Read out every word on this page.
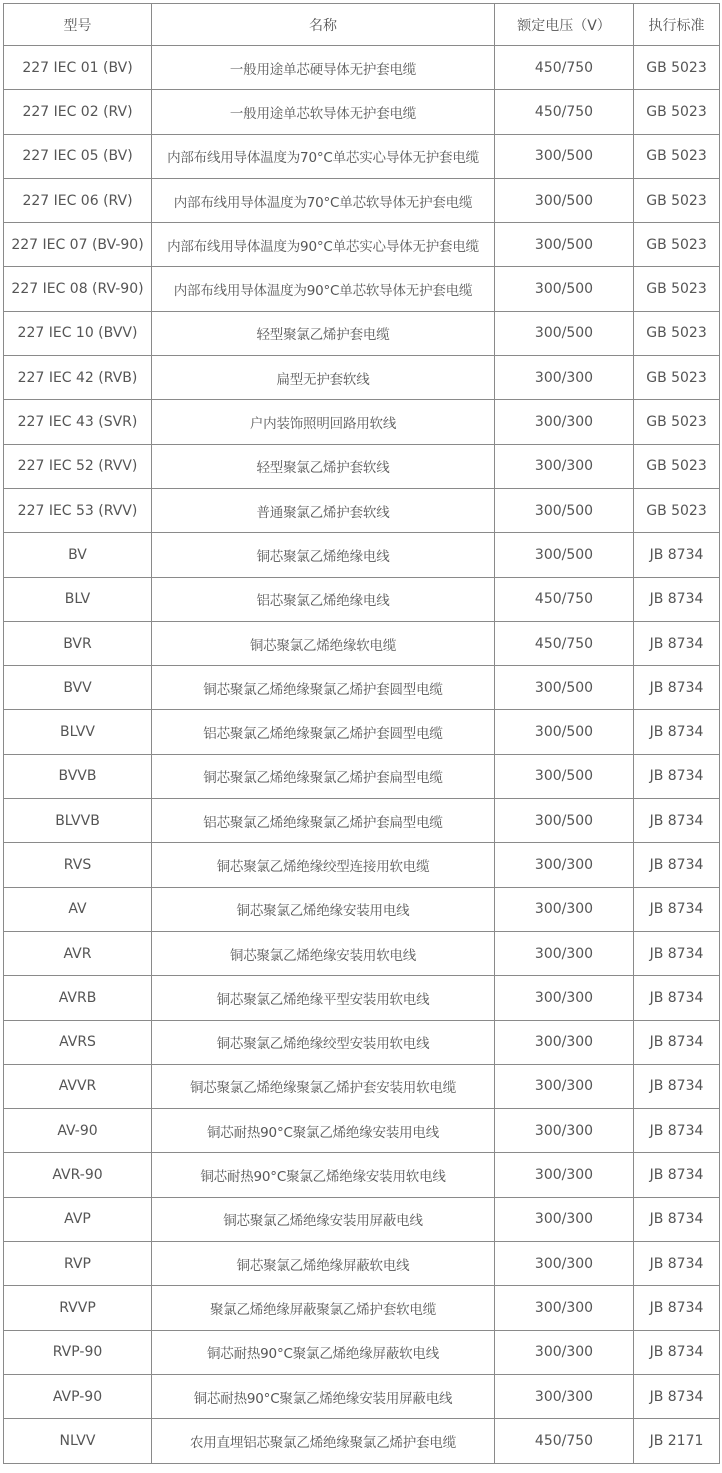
型号	名称	额定电压（V）	执行标准
227 IEC 01 (BV)	一般用途单芯硬导体无护套电缆	450/750	GB 5023
227 IEC 02 (RV)	一般用途单芯软导体无护套电缆	450/750	GB 5023
227 IEC 05 (BV)	内部布线用导体温度为70°C单芯实心导体无护套电缆	300/500	GB 5023
227 IEC 06 (RV)	内部布线用导体温度为70°C单芯软导体无护套电缆	300/500	GB 5023
227 IEC 07 (BV-90)	内部布线用导体温度为90°C单芯实心导体无护套电缆	300/500	GB 5023
227 IEC 08 (RV-90)	内部布线用导体温度为90°C单芯软导体无护套电缆	300/500	GB 5023
227 IEC 10 (BVV)	轻型聚氯乙烯护套电缆	300/500	GB 5023
227 IEC 42 (RVB)	扁型无护套软线	300/300	GB 5023
227 IEC 43 (SVR)	户内装饰照明回路用软线	300/300	GB 5023
227 IEC 52 (RVV)	轻型聚氯乙烯护套软线	300/300	GB 5023
227 IEC 53 (RVV)	普通聚氯乙烯护套软线	300/500	GB 5023
BV	铜芯聚氯乙烯绝缘电线	300/500	JB 8734
BLV	铝芯聚氯乙烯绝缘电线	450/750	JB 8734
BVR	铜芯聚氯乙烯绝缘软电缆	450/750	JB 8734
BVV	铜芯聚氯乙烯绝缘聚氯乙烯护套圆型电缆	300/500	JB 8734
BLVV	铝芯聚氯乙烯绝缘聚氯乙烯护套圆型电缆	300/500	JB 8734
BVVB	铜芯聚氯乙烯绝缘聚氯乙烯护套扁型电缆	300/500	JB 8734
BLVVB	铝芯聚氯乙烯绝缘聚氯乙烯护套扁型电缆	300/500	JB 8734
RVS	铜芯聚氯乙烯绝缘绞型连接用软电缆	300/300	JB 8734
AV	铜芯聚氯乙烯绝缘安装用电线	300/300	JB 8734
AVR	铜芯聚氯乙烯绝缘安装用软电线	300/300	JB 8734
AVRB	铜芯聚氯乙烯绝缘平型安装用软电线	300/300	JB 8734
AVRS	铜芯聚氯乙烯绝缘绞型安装用软电线	300/300	JB 8734
AVVR	铜芯聚氯乙烯绝缘聚氯乙烯护套安装用软电缆	300/300	JB 8734
AV-90	铜芯耐热90°C聚氯乙烯绝缘安装用电线	300/300	JB 8734
AVR-90	铜芯耐热90°C聚氯乙烯绝缘安装用软电线	300/300	JB 8734
AVP	铜芯聚氯乙烯绝缘安装用屏蔽电线	300/300	JB 8734
RVP	铜芯聚氯乙烯绝缘屏蔽软电线	300/300	JB 8734
RVVP	聚氯乙烯绝缘屏蔽聚氯乙烯护套软电缆	300/300	JB 8734
RVP-90	铜芯耐热90°C聚氯乙烯绝缘屏蔽软电线	300/300	JB 8734
AVP-90	铜芯耐热90°C聚氯乙烯绝缘安装用屏蔽电线	300/300	JB 8734
NLVV	农用直埋铝芯聚氯乙烯绝缘聚氯乙烯护套电缆	450/750	JB 2171
